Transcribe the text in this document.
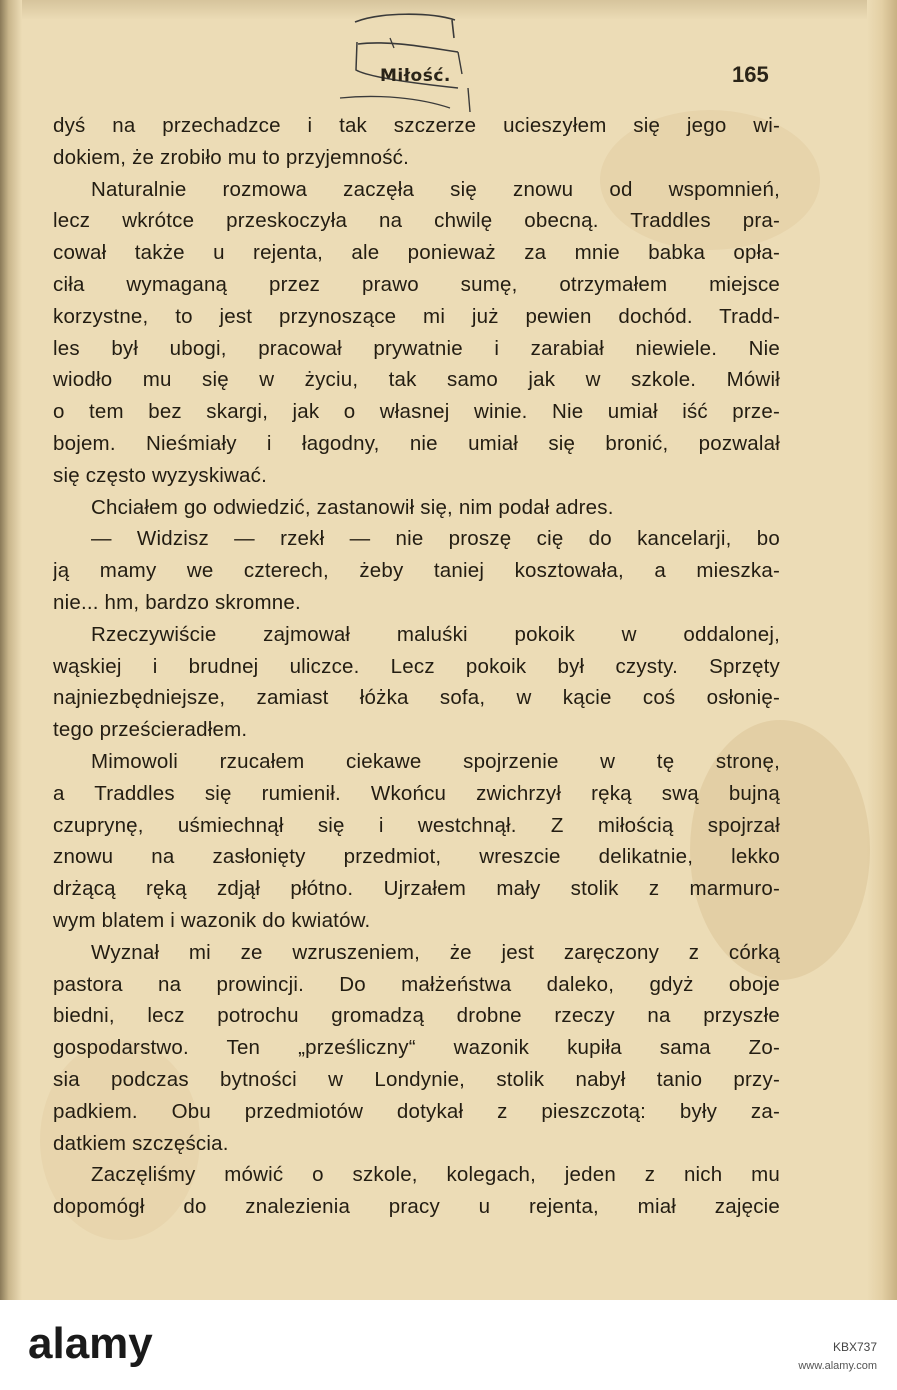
Miłość.	165
dyś na przechadzce i tak szczerze ucieszyłem się jego wi-
dokiem, że zrobiło mu to przyjemność.
Naturalnie rozmowa zaczęła się znowu od wspomnień,
lecz wkrótce przeskoczyła na chwilę obecną. Traddles pra-
cował także u rejenta, ale ponieważ za mnie babka opła-
ciła wymaganą przez prawo sumę, otrzymałem miejsce
korzystne, to jest przynoszące mi już pewien dochód. Tradd-
les był ubogi, pracował prywatnie i zarabiał niewiele. Nie
wiodło mu się w życiu, tak samo jak w szkole. Mówił
o tem bez skargi, jak o własnej winie. Nie umiał iść prze-
bojem. Nieśmiały i łagodny, nie umiał się bronić, pozwalał
się często wyzyskiwać.
Chciałem go odwiedzić, zastanowił się, nim podał adres.
— Widzisz — rzekł — nie proszę cię do kancelarji, bo
ją mamy we czterech, żeby taniej kosztowała, a mieszka-
nie... hm, bardzo skromne.
Rzeczywiście zajmował maluśki pokoik w oddalonej,
wąskiej i brudnej uliczce. Lecz pokoik był czysty. Sprzęty
najniezbędniejsze, zamiast łóżka sofa, w kącie coś osłonię-
tego prześcieradłem.
Mimowoli rzucałem ciekawe spojrzenie w tę stronę,
a Traddles się rumienił. Wkońcu zwichrzył ręką swą bujną
czuprynę, uśmiechnął się i westchnął. Z miłością spojrzał
znowu na zasłonięty przedmiot, wreszcie delikatnie, lekko
drżącą ręką zdjął płótno. Ujrzałem mały stolik z marmuro-
wym blatem i wazonik do kwiatów.
Wyznał mi ze wzruszeniem, że jest zaręczony z córką
pastora na prowincji. Do małżeństwa daleko, gdyż oboje
biedni, lecz potrochu gromadzą drobne rzeczy na przyszłe
gospodarstwo. Ten „prześliczny“ wazonik kupiła sama Zo-
sia podczas bytności w Londynie, stolik nabył tanio przy-
padkiem. Obu przedmiotów dotykał z pieszczotą: były za-
datkiem szczęścia.
Zaczęliśmy mówić o szkole, kolegach, jeden z nich mu
dopomógł do znalezienia pracy u rejenta, miał zajęcie
alamy	KBX737
www.alamy.com
